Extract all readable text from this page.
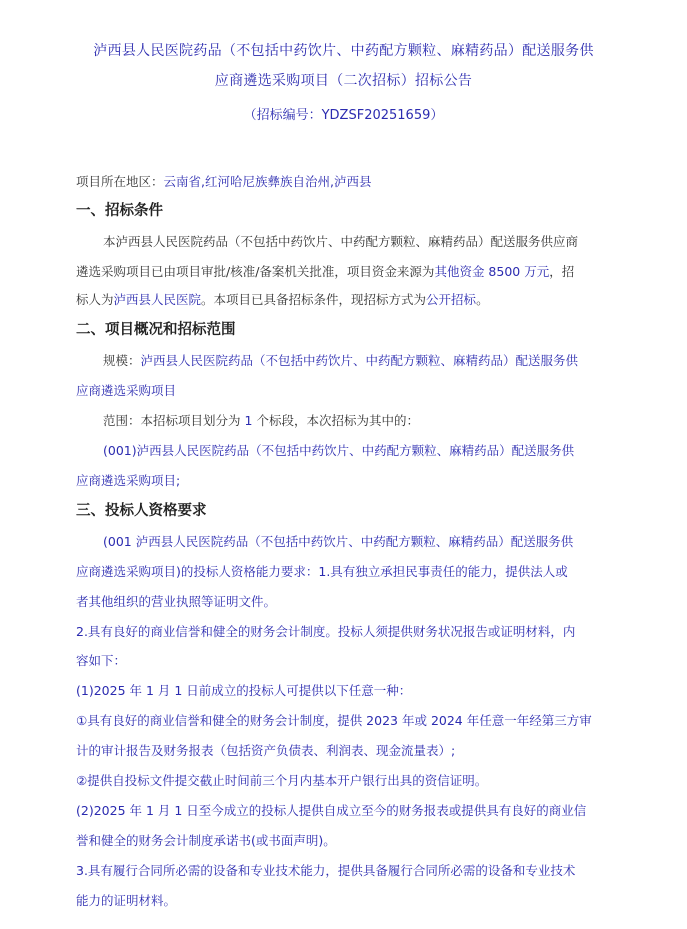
泸西县人民医院药品（不包括中药饮片、中药配方颗粒、麻精药品）配送服务供
应商遴选采购项目（二次招标）招标公告
（招标编号：YDZSF20251659）
项目所在地区：云南省,红河哈尼族彝族自治州,泸西县
一、招标条件
本泸西县人民医院药品（不包括中药饮片、中药配方颗粒、麻精药品）配送服务供应商
遴选采购项目已由项目审批/核准/备案机关批准，项目资金来源为其他资金 8500 万元，招
标人为泸西县人民医院。本项目已具备招标条件，现招标方式为公开招标。
二、项目概况和招标范围
规模：泸西县人民医院药品（不包括中药饮片、中药配方颗粒、麻精药品）配送服务供
应商遴选采购项目
范围：本招标项目划分为 1 个标段，本次招标为其中的：
(001)泸西县人民医院药品（不包括中药饮片、中药配方颗粒、麻精药品）配送服务供
应商遴选采购项目;
三、投标人资格要求
(001 泸西县人民医院药品（不包括中药饮片、中药配方颗粒、麻精药品）配送服务供
应商遴选采购项目)的投标人资格能力要求：1.具有独立承担民事责任的能力，提供法人或
者其他组织的营业执照等证明文件。
2.具有良好的商业信誉和健全的财务会计制度。投标人须提供财务状况报告或证明材料，内
容如下：
(1)2025 年 1 月 1 日前成立的投标人可提供以下任意一种：
①具有良好的商业信誉和健全的财务会计制度，提供 2023 年或 2024 年任意一年经第三方审
计的审计报告及财务报表（包括资产负债表、利润表、现金流量表）;
②提供自投标文件提交截止时间前三个月内基本开户银行出具的资信证明。
(2)2025 年 1 月 1 日至今成立的投标人提供自成立至今的财务报表或提供具有良好的商业信
誉和健全的财务会计制度承诺书(或书面声明)。
3.具有履行合同所必需的设备和专业技术能力，提供具备履行合同所必需的设备和专业技术
能力的证明材料。
